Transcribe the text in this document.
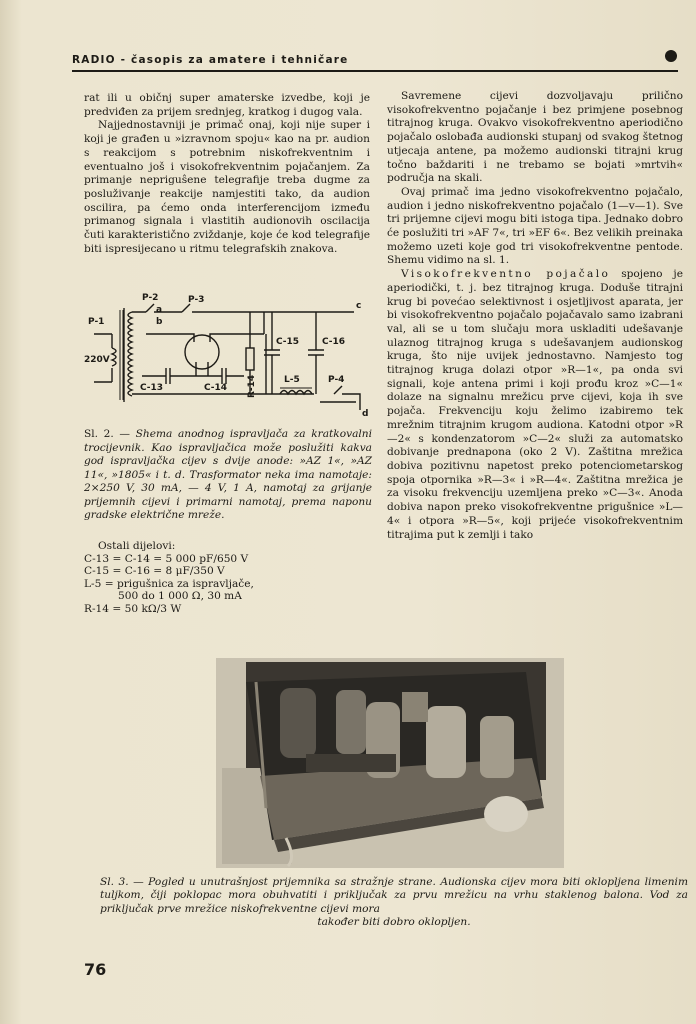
RADIO - časopis za amatere i tehničare

rat ili u običnj super amaterske izvedbe, koji je predviđen za prijem srednjeg, kratkog i dugog vala.

Najjednostavniji je primač onaj, koji nije super i koji je građen u »izravnom spoju« kao na pr. audion s reakcijom s potrebnim niskofrekventnim i eventualno još i visokofrekventnim pojačanjem. Za primanje nepriguŝene telegrafije treba dugme za posluživanje reakcije namjestiti tako, da audion oscilira, pa ćemo onda interferencijom između primanog signala i vlastitih audionovih oscilacija čuti karakteristično zviždanje, koje će kod telegrafije biti ispresijecano u ritmu telegrafskih znakova.

P-1
P-2	P-3
P-4
a
b
c
d
220V
C-13	C-14
C-15	C-16
L-5
R-14
Sl. 2. — Shema anodnog ispravljača za kratkovalni trocijevnik. Kao ispravljačica može poslužiti kakva god ispravljačka cijev s dvije anode: »AZ 1«, »AZ 11«, »1805« i t. d. Trasformator neka ima namotaje: 2×250 V, 30 mA, — 4 V, 1 A, namotaj za grijanje prijemnih cijevi i primarni namotaj, prema naponu gradske električne mreže.
Ostali dijelovi:
C-13 = C-14 = 5 000 pF/650 V
C-15 = C-16 = 8 μF/350 V
L-5 = prigušnica za ispravljače,
500 do 1 000 Ω, 30 mA
R-14 = 50 kΩ/3 W

Savremene cijevi dozvoljavaju prilično visokofrekventno pojačanje i bez primjene posebnog titrajnog kruga. Ovakvo visokofrekventno aperiodično pojačalo oslobađa audionski stupanj od svakog štetnog utjecaja antene, pa možemo audionski titrajni krug točno baždariti i ne trebamo se bojati »mrtvih« područja na skali.

Ovaj primač ima jedno visokofrekventno pojačalo, audion i jedno niskofrekventno pojačalo (1—v—1). Sve tri prijemne cijevi mogu biti istoga tipa. Jednako dobro će poslužiti tri »AF 7«, tri »EF 6«. Bez velikih preinaka možemo uzeti koje god tri visokofrekventne pentode. Shemu vidimo na sl. 1.

Visokofrekventno pojačalo spojeno je aperiodički, t. j. bez titrajnog kruga. Doduše titrajni krug bi povećao selektivnost i osjetljivost aparata, jer bi visokofrekventno pojačalo pojačavalo samo izabrani val, ali se u tom slučaju mora uskladiti udešavanje ulaznog titrajnog kruga s udešavanjem audionskog kruga, što nije uvijek jednostavno. Namjesto tog titrajnog kruga dolazi otpor »R—1«, pa onda svi signali, koje antena primi i koji prođu kroz »C—1« dolaze na signalnu mrežicu prve cijevi, koja ih sve pojača. Frekvenciju koju želimo izabiremo tek mrežnim titrajnim krugom audiona. Katodni otpor »R—2« s kondenzatorom »C—2« služi za automatsko dobivanje prednapona (oko 2 V). Zaštitna mrežica dobiva pozitivnu napetost preko potenciometarskog spoja otpornika »R—3« i »R—4«. Zaštitna mrežica je za visoku frekvenciju uzemljena preko »C—3«. Anoda dobiva napon preko visokofrekventne prigušnice »L—4« i otpora »R—5«, koji prijeće visokofrekventnim titrajima put k zemlji i tako

Sl. 3. — Pogled u unutrašnjost prijemnika sa stražnje strane. Audionska cijev mora biti okloplјena limenim tuljkom, čiji poklopac mora obuhvatiti i priključak za prvu mrežicu na vrhu staklenog balona. Vod za priključak prve mrežice niskofrekventne cijevi mora
također biti dobro okloplјen.
76
